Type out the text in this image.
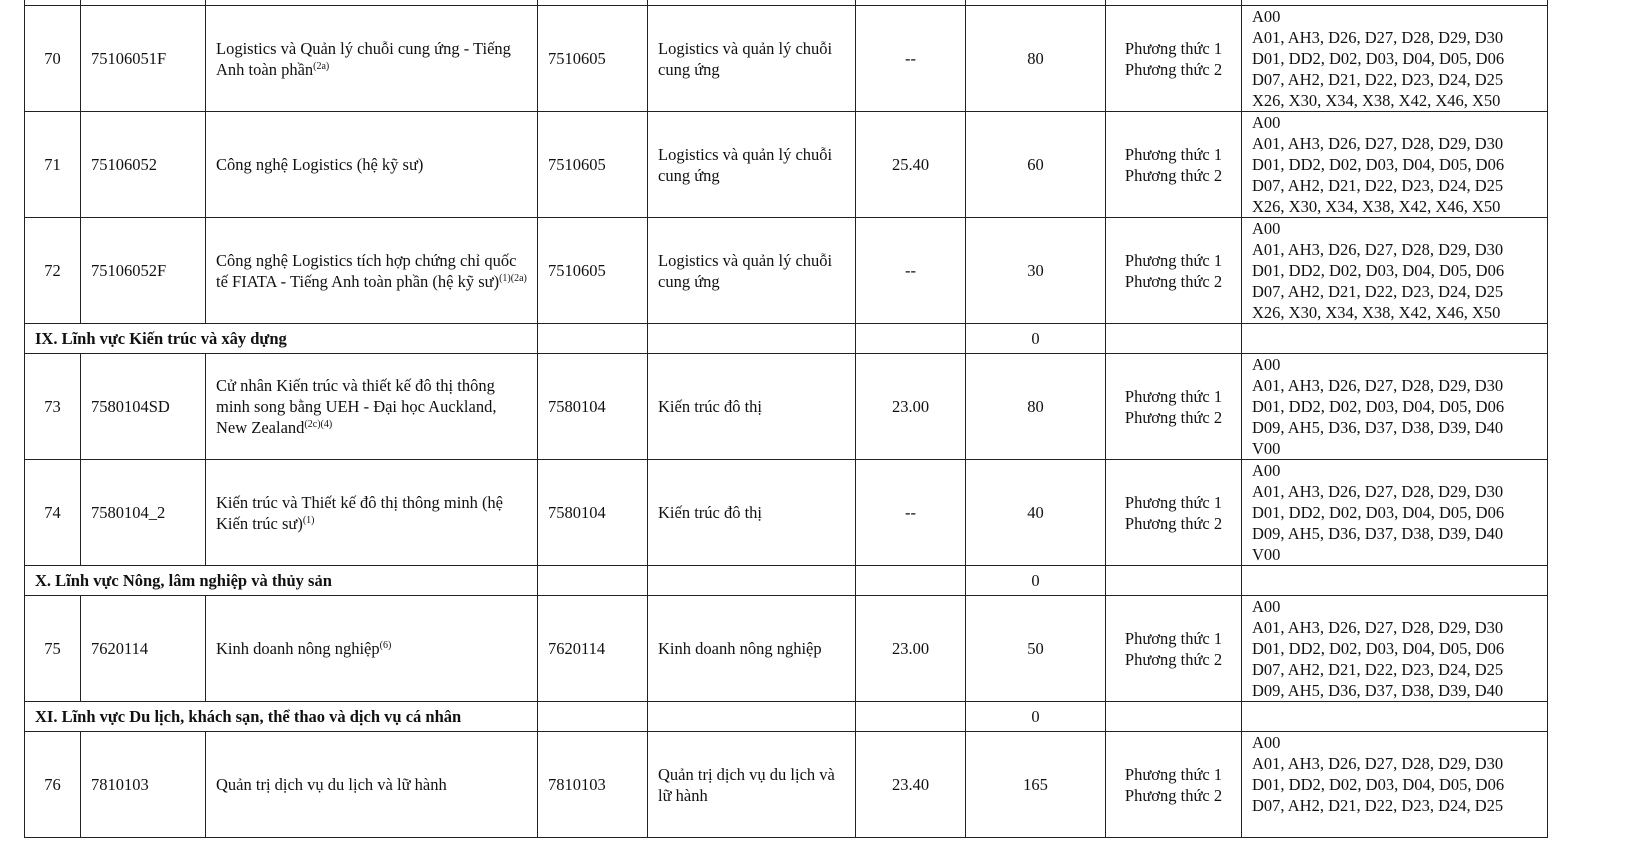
70	75106051F	Logistics và Quản lý chuỗi cung ứng - Tiếng Anh toàn phần$^{(2a)}$	7510605	Logistics và quản lý chuỗi cung ứng	--	80	Phương thức 1
Phương thức 2	A00
A01, AH3, D26, D27, D28, D29, D30
D01, DD2, D02, D03, D04, D05, D06
D07, AH2, D21, D22, D23, D24, D25
X26, X30, X34, X38, X42, X46, X50

71	75106052	Công nghệ Logistics (hệ kỹ sư)	7510605	Logistics và quản lý chuỗi cung ứng	25.40	60	Phương thức 1
Phương thức 2	A00
A01, AH3, D26, D27, D28, D29, D30
D01, DD2, D02, D03, D04, D05, D06
D07, AH2, D21, D22, D23, D24, D25
X26, X30, X34, X38, X42, X46, X50

72	75106052F	Công nghệ Logistics tích hợp chứng chỉ quốc tế FIATA - Tiếng Anh toàn phần (hệ kỹ sư)$^{(1)(2a)}$	7510605	Logistics và quản lý chuỗi cung ứng	--	30	Phương thức 1
Phương thức 2	A00
A01, AH3, D26, D27, D28, D29, D30
D01, DD2, D02, D03, D04, D05, D06
D07, AH2, D21, D22, D23, D24, D25
X26, X30, X34, X38, X42, X46, X50

IX. Lĩnh vực Kiến trúc và xây dựng						0		
73	7580104SD	Cử nhân Kiến trúc và thiết kế đô thị thông minh song bằng UEH - Đại học Auckland, New Zealand$^{(2c)(4)}$	7580104	Kiến trúc đô thị	23.00	80	Phương thức 1
Phương thức 2	A00
A01, AH3, D26, D27, D28, D29, D30
D01, DD2, D02, D03, D04, D05, D06
D09, AH5, D36, D37, D38, D39, D40
V00

74	7580104_2	Kiến trúc và Thiết kế đô thị thông minh (hệ Kiến trúc sư)$^{(1)}$	7580104	Kiến trúc đô thị	--	40	Phương thức 1
Phương thức 2	A00
A01, AH3, D26, D27, D28, D29, D30
D01, DD2, D02, D03, D04, D05, D06
D09, AH5, D36, D37, D38, D39, D40
V00

X. Lĩnh vực Nông, lâm nghiệp và thủy sản						0		
75	7620114	Kinh doanh nông nghiệp$^{(6)}$	7620114	Kinh doanh nông nghiệp	23.00	50	Phương thức 1
Phương thức 2	A00
A01, AH3, D26, D27, D28, D29, D30
D01, DD2, D02, D03, D04, D05, D06
D07, AH2, D21, D22, D23, D24, D25
D09, AH5, D36, D37, D38, D39, D40

XI. Lĩnh vực Du lịch, khách sạn, thể thao và dịch vụ cá nhân						0		
76	7810103	Quản trị dịch vụ du lịch và lữ hành	7810103	Quản trị dịch vụ du lịch và lữ hành	23.40	165	Phương thức 1
Phương thức 2	A00
A01, AH3, D26, D27, D28, D29, D30
D01, DD2, D02, D03, D04, D05, D06
D07, AH2, D21, D22, D23, D24, D25
